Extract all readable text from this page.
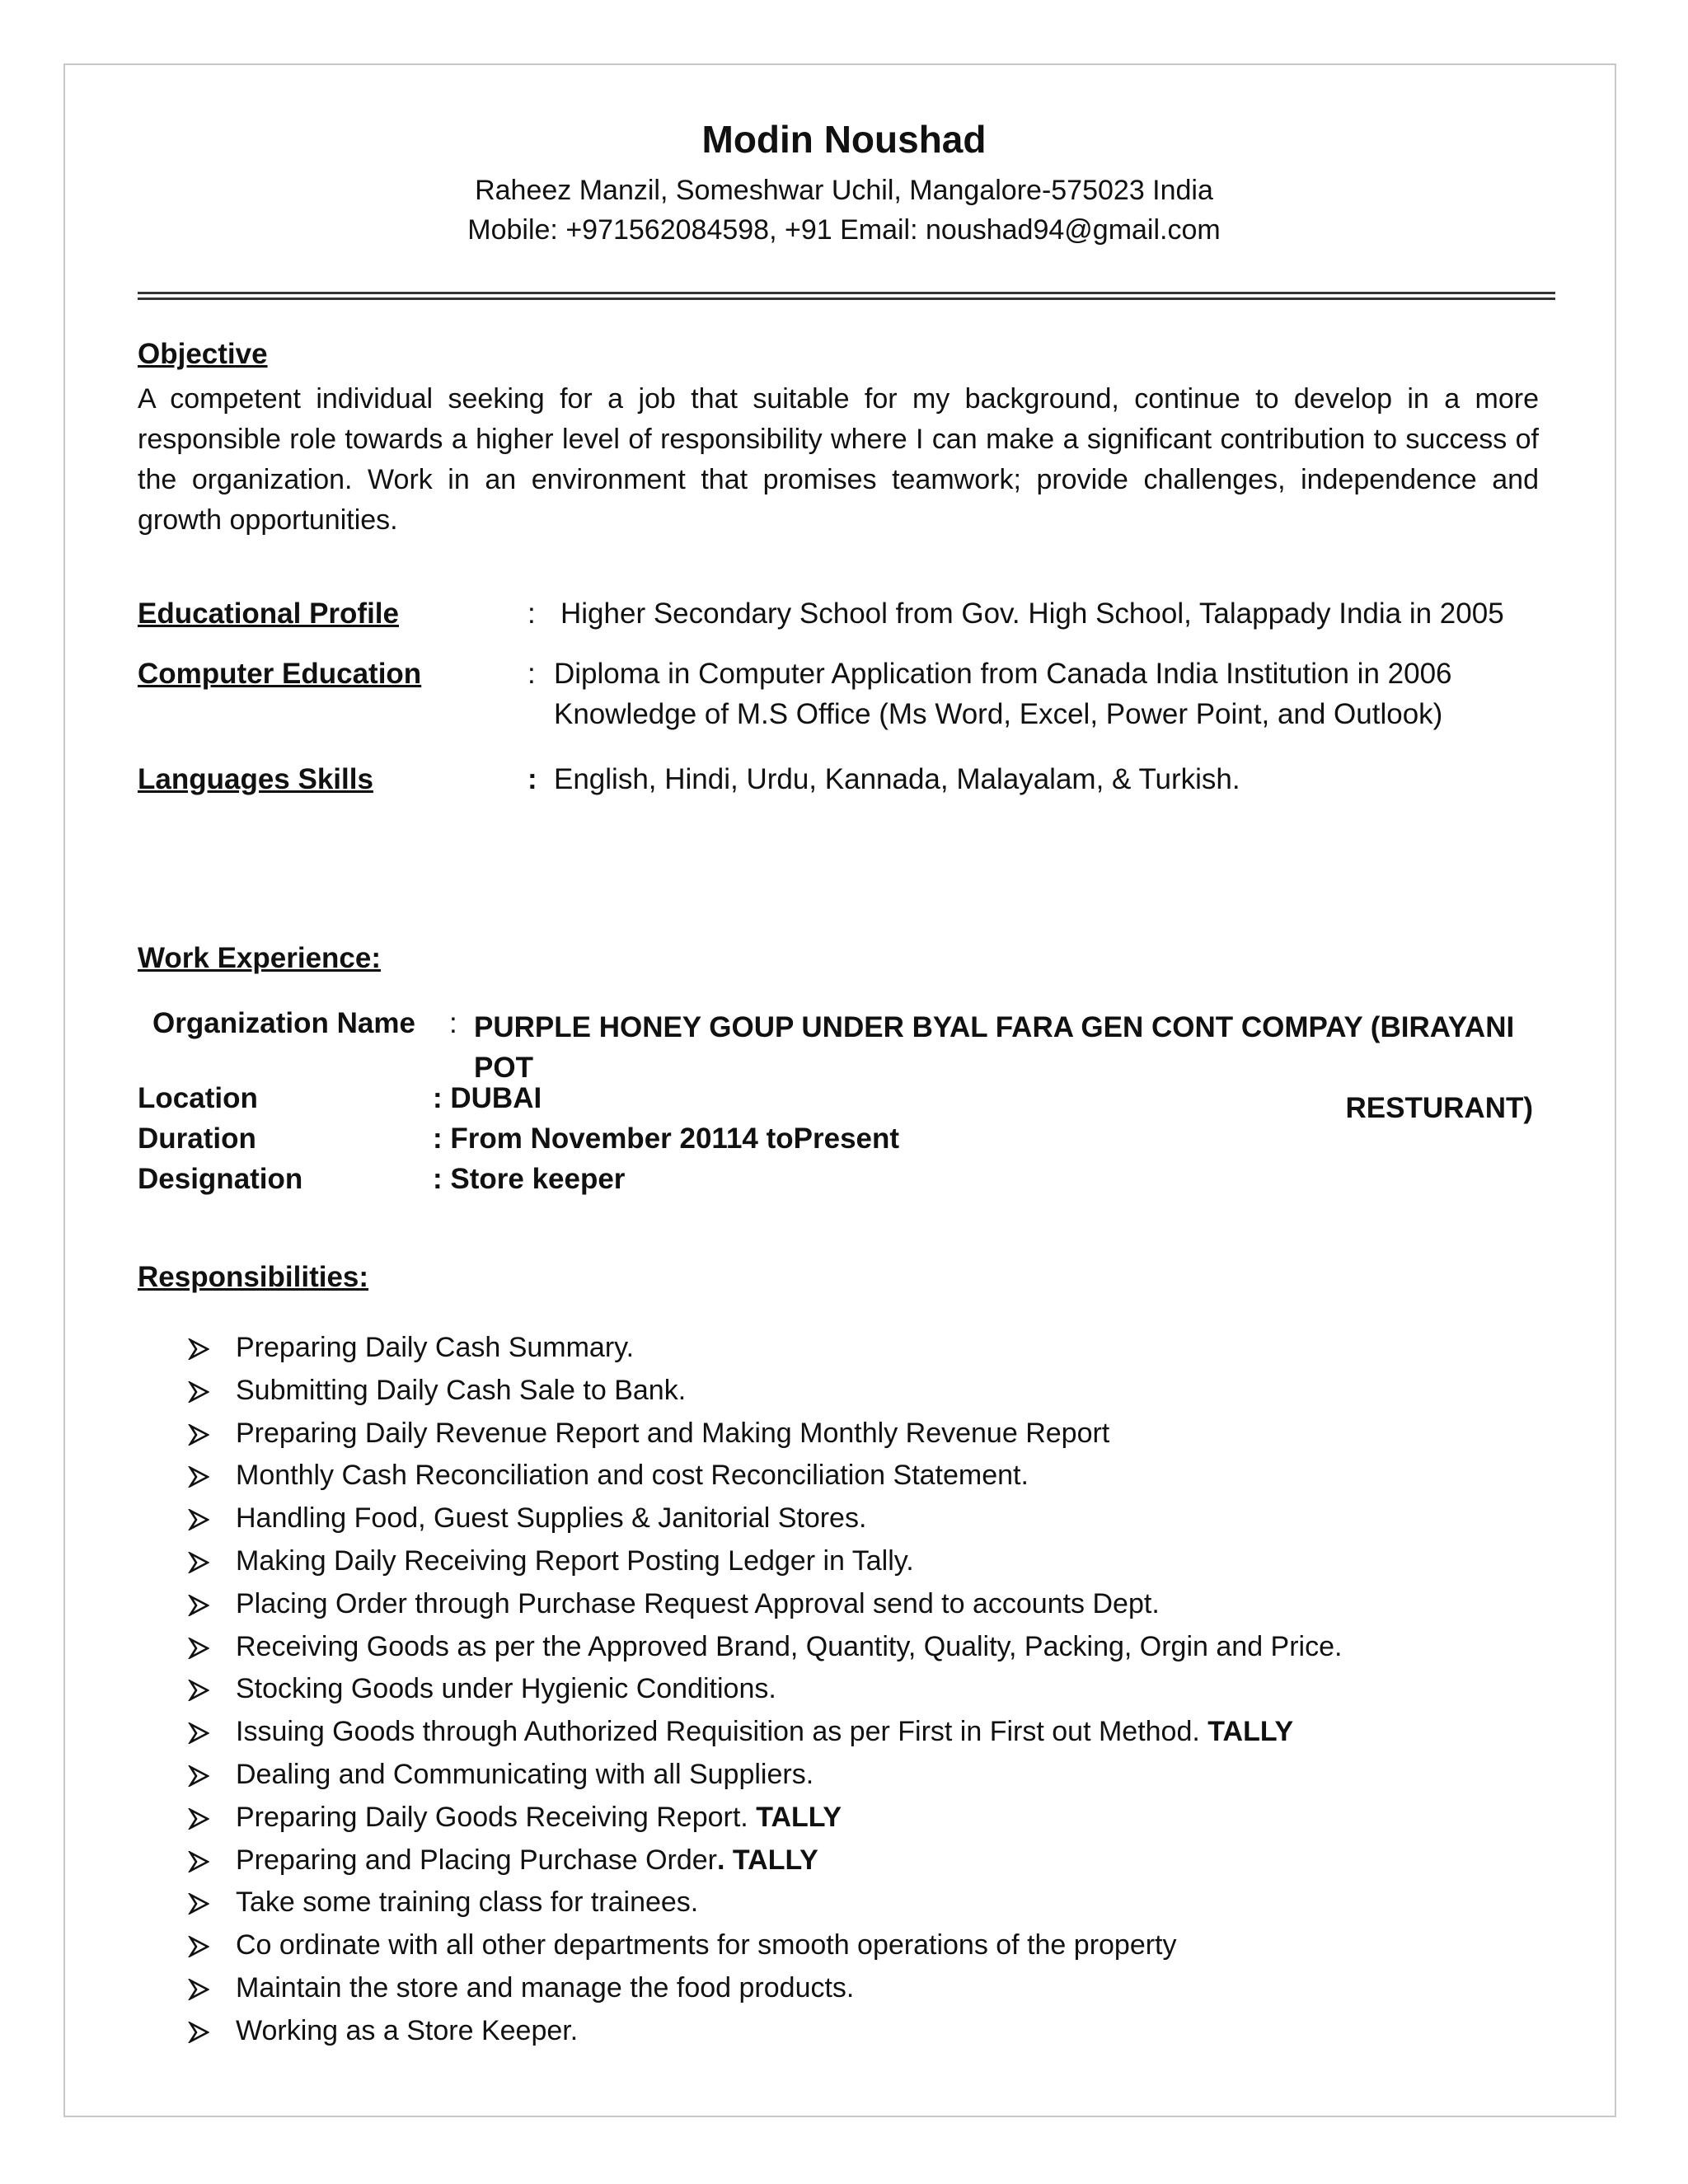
Modin Noushad
Raheez Manzil, Someshwar Uchil, Mangalore-575023 India
Mobile: +971562084598, +91 Email: noushad94@gmail.com
Objective
A competent individual seeking for a job that suitable for my background, continue to develop in a more responsible role towards a higher level of responsibility where I can make a significant contribution to success of the organization. Work in an environment that promises teamwork; provide challenges, independence and growth opportunities.
Educational Profile	: Higher Secondary School from Gov. High School, Talappady India in 2005
Computer Education	: Diploma in Computer Application from Canada India Institution in 2006
Knowledge of M.S Office (Ms Word, Excel, Power Point, and Outlook)
Languages Skills	: English, Hindi, Urdu, Kannada, Malayalam, & Turkish.
Work Experience:
Organization Name : PURPLE HONEY GOUP UNDER BYAL FARA GEN CONT COMPAY (BIRAYANI POT
RESTURANT)
Location	: DUBAI
Duration	: From November 20114 toPresent
Designation	: Store keeper
Responsibilities:
Preparing Daily Cash Summary.
Submitting Daily Cash Sale to Bank.
Preparing Daily Revenue Report and Making Monthly Revenue Report
Monthly Cash Reconciliation and cost Reconciliation Statement.
Handling Food, Guest Supplies & Janitorial Stores.
Making Daily Receiving Report Posting Ledger in Tally.
Placing Order through Purchase Request Approval send to accounts Dept.
Receiving Goods as per the Approved Brand, Quantity, Quality, Packing, Orgin and Price.
Stocking Goods under Hygienic Conditions.
Issuing Goods through Authorized Requisition as per First in First out Method. TALLY
Dealing and Communicating with all Suppliers.
Preparing Daily Goods Receiving Report. TALLY
Preparing and Placing Purchase Order. TALLY
Take some training class for trainees.
Co ordinate with all other departments for smooth operations of the property
Maintain the store and manage the food products.
Working as a Store Keeper.
